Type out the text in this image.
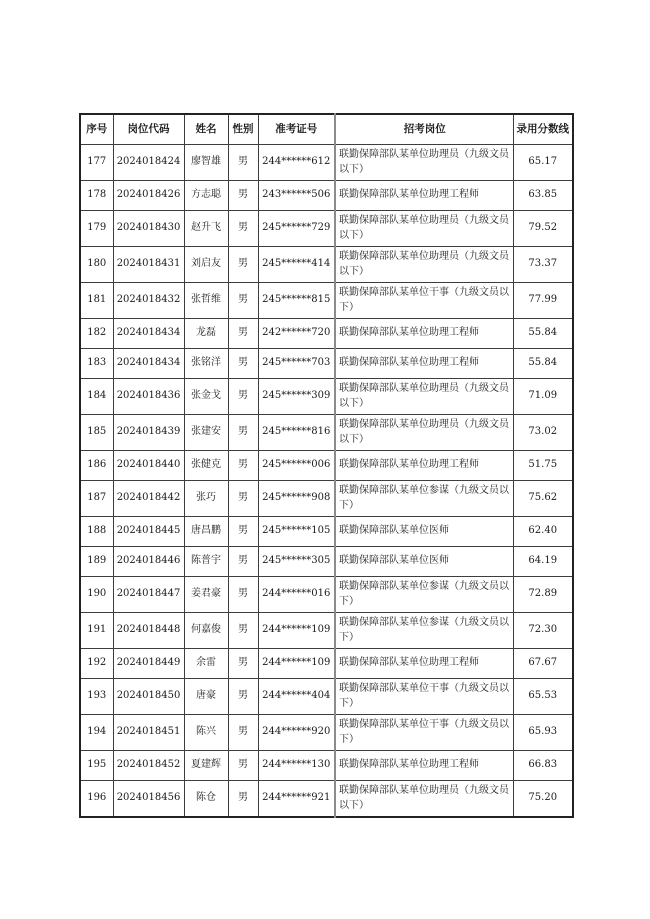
序号	岗位代码	姓名	性别	准考证号	招考岗位	录用分数线
177	2024018424	廖智雄	男	244******612	联勤保障部队某单位助理员（九级文员以下）	65.17
178	2024018426	方志聪	男	243******506	联勤保障部队某单位助理工程师	63.85
179	2024018430	赵升飞	男	245******729	联勤保障部队某单位助理员（九级文员以下）	79.52
180	2024018431	刘启友	男	245******414	联勤保障部队某单位助理员（九级文员以下）	73.37
181	2024018432	张哲维	男	245******815	联勤保障部队某单位干事（九级文员以下）	77.99
182	2024018434	龙磊	男	242******720	联勤保障部队某单位助理工程师	55.84
183	2024018434	张铭洋	男	245******703	联勤保障部队某单位助理工程师	55.84
184	2024018436	张金戈	男	245******309	联勤保障部队某单位助理员（九级文员以下）	71.09
185	2024018439	张建安	男	245******816	联勤保障部队某单位助理员（九级文员以下）	73.02
186	2024018440	张健克	男	245******006	联勤保障部队某单位助理工程师	51.75
187	2024018442	张巧	男	245******908	联勤保障部队某单位参谋（九级文员以下）	75.62
188	2024018445	唐昌鹏	男	245******105	联勤保障部队某单位医师	62.40
189	2024018446	陈普宇	男	245******305	联勤保障部队某单位医师	64.19
190	2024018447	姜君豪	男	244******016	联勤保障部队某单位参谋（九级文员以下）	72.89
191	2024018448	何嘉俊	男	244******109	联勤保障部队某单位参谋（九级文员以下）	72.30
192	2024018449	余雷	男	244******109	联勤保障部队某单位助理工程师	67.67
193	2024018450	唐豪	男	244******404	联勤保障部队某单位干事（九级文员以下）	65.53
194	2024018451	陈兴	男	244******920	联勤保障部队某单位干事（九级文员以下）	65.93
195	2024018452	夏建辉	男	244******130	联勤保障部队某单位助理工程师	66.83
196	2024018456	陈仓	男	244******921	联勤保障部队某单位助理员（九级文员以下）	75.20
